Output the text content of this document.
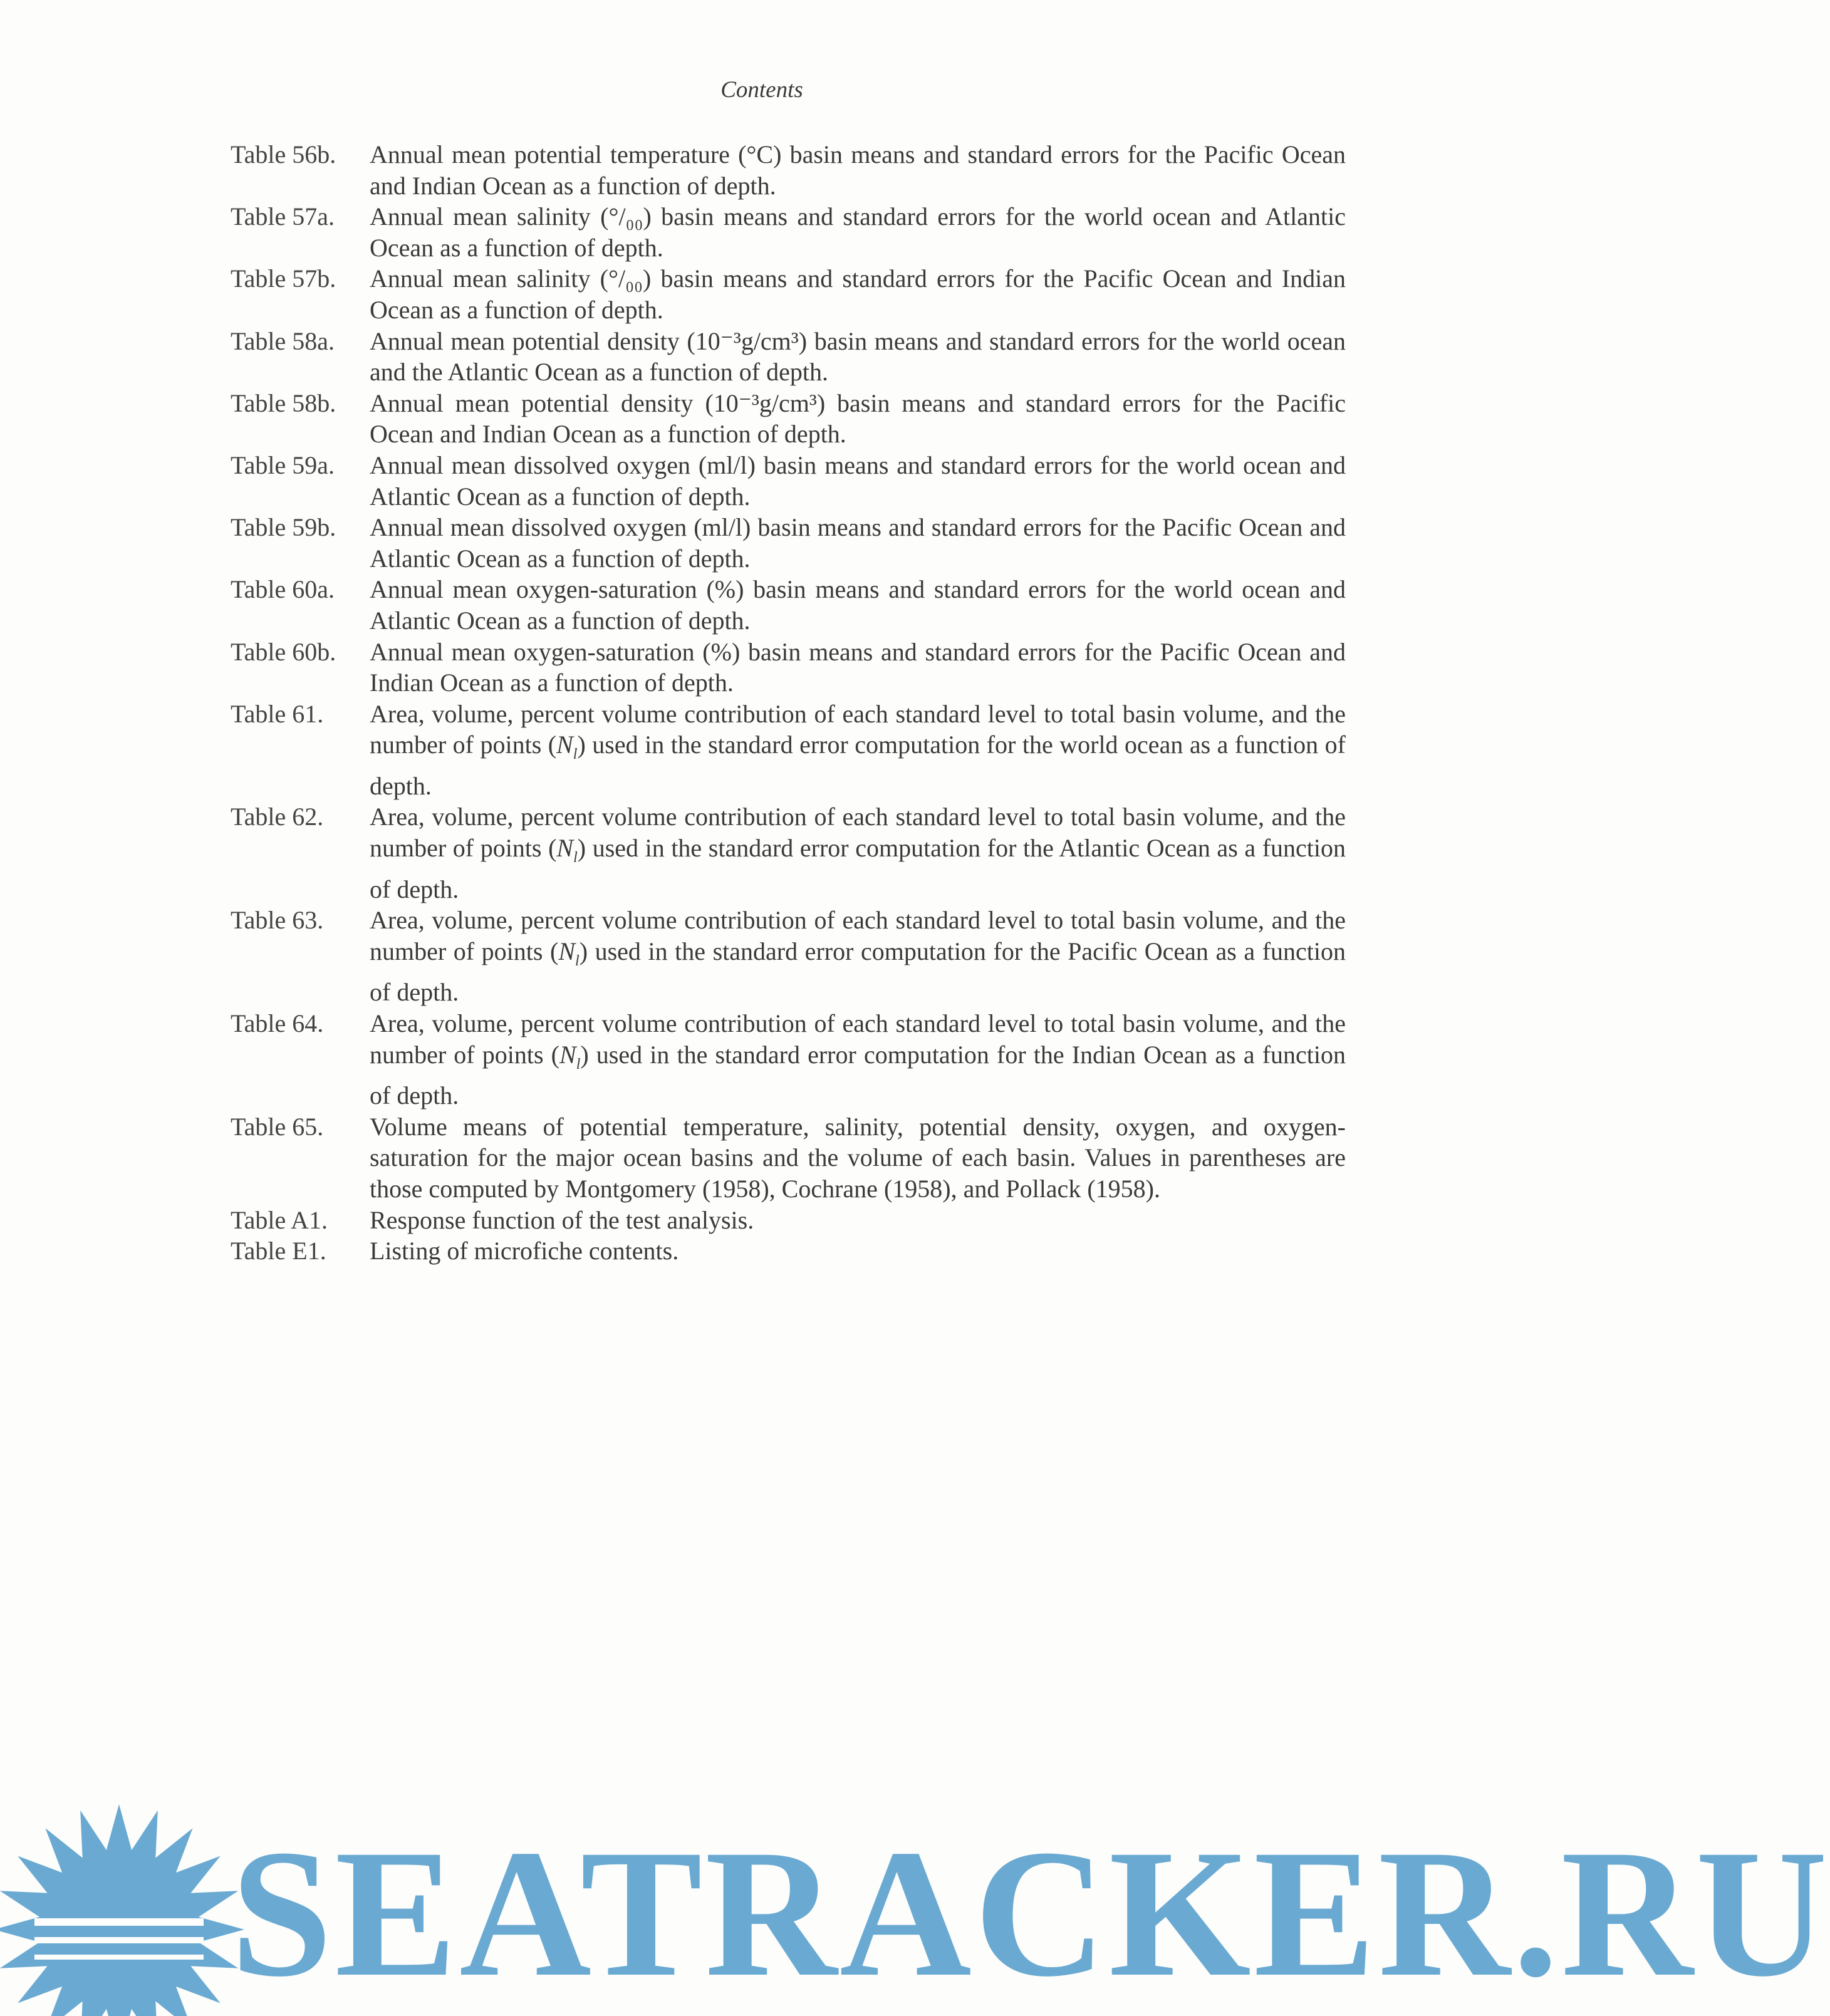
Contents
Table 56b.	Annual mean potential temperature (°C) basin means and standard errors for the Pacific Ocean and Indian Ocean as a function of depth.
Table 57a.	Annual mean salinity (°/₀₀) basin means and standard errors for the world ocean and Atlantic Ocean as a function of depth.
Table 57b.	Annual mean salinity (°/₀₀) basin means and standard errors for the Pacific Ocean and Indian Ocean as a function of depth.
Table 58a.	Annual mean potential density (10⁻³g/cm³) basin means and standard errors for the world ocean and the Atlantic Ocean as a function of depth.
Table 58b.	Annual mean potential density (10⁻³g/cm³) basin means and standard errors for the Pacific Ocean and Indian Ocean as a function of depth.
Table 59a.	Annual mean dissolved oxygen (ml/l) basin means and standard errors for the world ocean and Atlantic Ocean as a function of depth.
Table 59b.	Annual mean dissolved oxygen (ml/l) basin means and standard errors for the Pacific Ocean and Atlantic Ocean as a function of depth.
Table 60a.	Annual mean oxygen-saturation (%) basin means and standard errors for the world ocean and Atlantic Ocean as a function of depth.
Table 60b.	Annual mean oxygen-saturation (%) basin means and standard errors for the Pacific Ocean and Indian Ocean as a function of depth.
Table 61.	Area, volume, percent volume contribution of each standard level to total basin volume, and the number of points $(N_l)$ used in the standard error computation for the world ocean as a function of depth.
Table 62.	Area, volume, percent volume contribution of each standard level to total basin volume, and the number of points $(N_l)$ used in the standard error computation for the Atlantic Ocean as a function of depth.
Table 63.	Area, volume, percent volume contribution of each standard level to total basin volume, and the number of points $(N_l)$ used in the standard error computation for the Pacific Ocean as a function of depth.
Table 64.	Area, volume, percent volume contribution of each standard level to total basin volume, and the number of points $(N_l)$ used in the standard error computation for the Indian Ocean as a function of depth.
Table 65.	Volume means of potential temperature, salinity, potential density, oxygen, and oxygen-saturation for the major ocean basins and the volume of each basin. Values in parentheses are those computed by Montgomery (1958), Cochrane (1958), and Pollack (1958).
Table A1.	Response function of the test analysis.
Table E1.	Listing of microfiche contents.
SEATRACKER.RU
